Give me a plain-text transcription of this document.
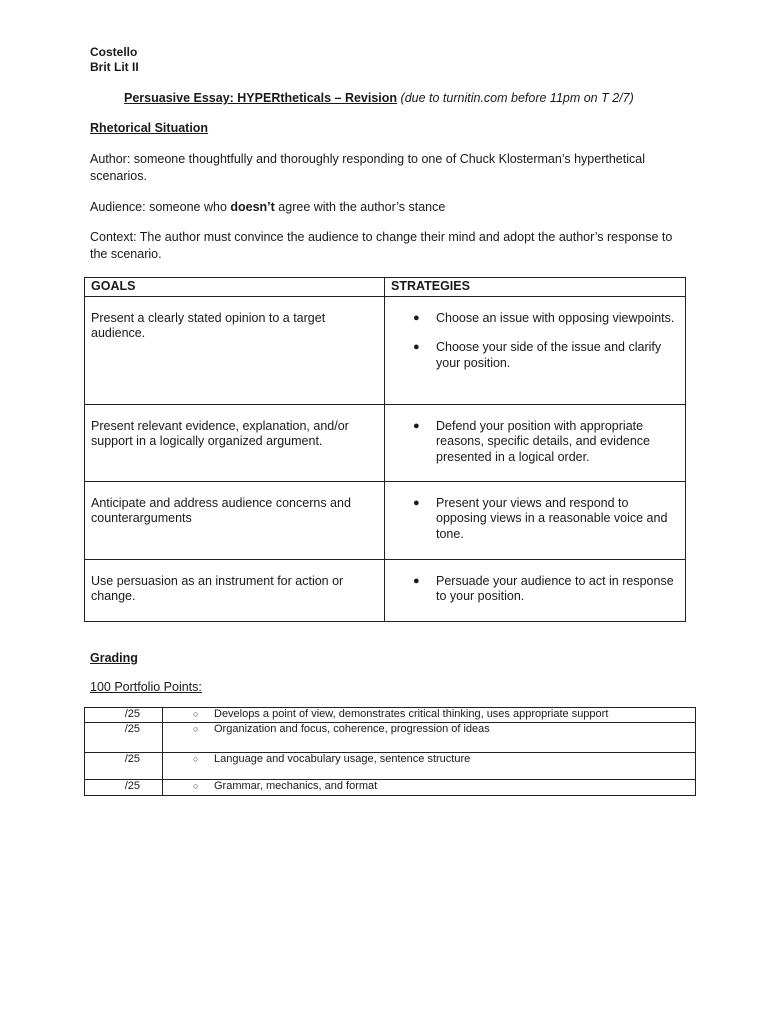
Costello
Brit Lit II
Persuasive Essay: HYPERtheticals – Revision (due to turnitin.com before 11pm on T 2/7)
Rhetorical Situation
Author: someone thoughtfully and thoroughly responding to one of Chuck Klosterman’s hyperthetical scenarios.
Audience: someone who doesn’t agree with the author’s stance
Context: The author must convince the audience to change their mind and adopt the author’s response to the scenario.
GOALS	STRATEGIES
Present a clearly stated opinion to a target audience.	● Choose an issue with opposing viewpoints.
● Choose your side of the issue and clarify your position.

Present relevant evidence, explanation, and/or support in a logically organized argument.	● Defend your position with appropriate reasons, specific details, and evidence presented in a logical order.

Anticipate and address audience concerns and counterarguments	● Present your views and respond to opposing views in a reasonable voice and tone.

Use persuasion as an instrument for action or change.	● Persuade your audience to act in response to your position.
Grading
100 Portfolio Points:
/25	○ Develops a point of view, demonstrates critical thinking, uses appropriate support
/25	○ Organization and focus, coherence, progression of ideas
/25	○ Language and vocabulary usage, sentence structure
/25	○ Grammar, mechanics, and format
